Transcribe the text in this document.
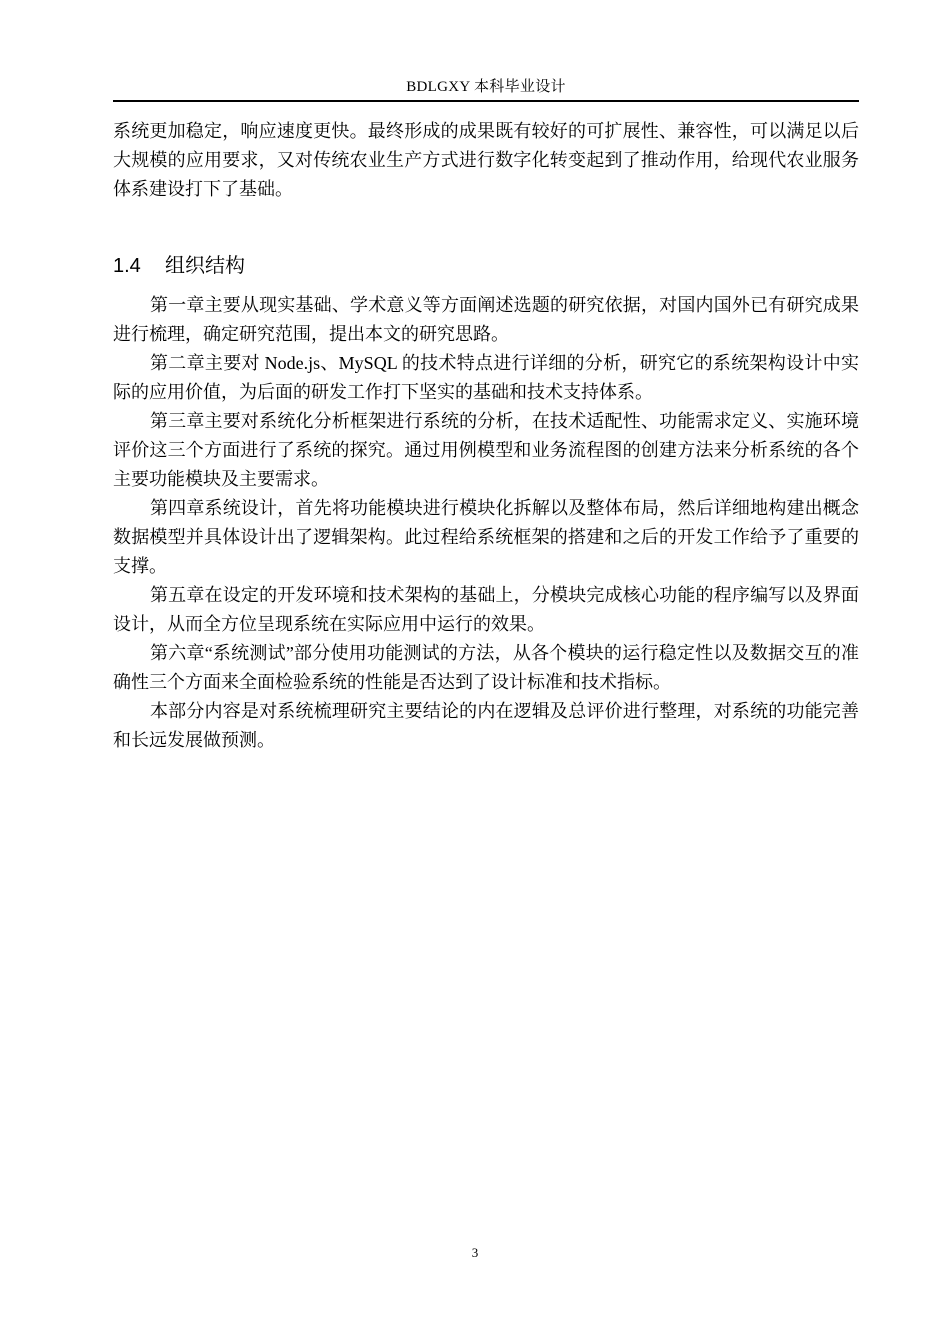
BDLGXY 本科毕业设计

系统更加稳定，响应速度更快。最终形成的成果既有较好的可扩展性、兼容性，可以满足以后大规模的应用要求，又对传统农业生产方式进行数字化转变起到了推动作用，给现代农业服务体系建设打下了基础。

1.4 组织结构

第一章主要从现实基础、学术意义等方面阐述选题的研究依据，对国内国外已有研究成果进行梳理，确定研究范围，提出本文的研究思路。

第二章主要对 Node.js、MySQL 的技术特点进行详细的分析，研究它的系统架构设计中实际的应用价值，为后面的研发工作打下坚实的基础和技术支持体系。

第三章主要对系统化分析框架进行系统的分析，在技术适配性、功能需求定义、实施环境评价这三个方面进行了系统的探究。通过用例模型和业务流程图的创建方法来分析系统的各个主要功能模块及主要需求。

第四章系统设计，首先将功能模块进行模块化拆解以及整体布局，然后详细地构建出概念数据模型并具体设计出了逻辑架构。此过程给系统框架的搭建和之后的开发工作给予了重要的支撑。

第五章在设定的开发环境和技术架构的基础上，分模块完成核心功能的程序编写以及界面设计，从而全方位呈现系统在实际应用中运行的效果。

第六章“系统测试”部分使用功能测试的方法，从各个模块的运行稳定性以及数据交互的准确性三个方面来全面检验系统的性能是否达到了设计标准和技术指标。

本部分内容是对系统梳理研究主要结论的内在逻辑及总评价进行整理，对系统的功能完善和长远发展做预测。

3
